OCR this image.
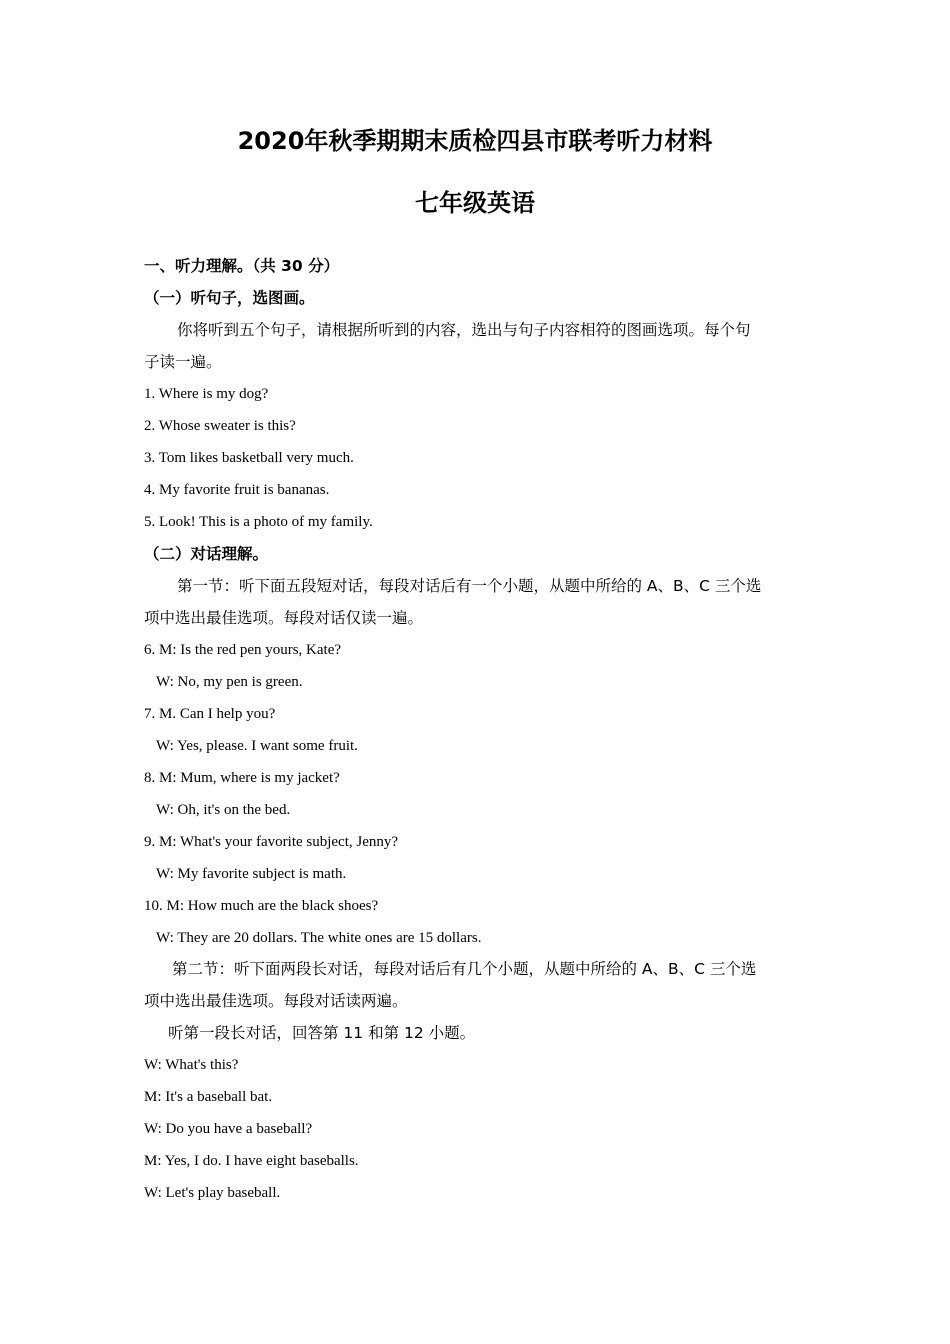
2020年秋季期期末质检四县市联考听力材料
七年级英语
一、听力理解。（共 30 分）
（一）听句子，选图画。
你将听到五个句子，请根据所听到的内容，选出与句子内容相符的图画选项。每个句
子读一遍。
1. Where is my dog?
2. Whose sweater is this?
3. Tom likes basketball very much.
4. My favorite fruit is bananas.
5. Look! This is a photo of my family.
（二）对话理解。
第一节：听下面五段短对话，每段对话后有一个小题，从题中所给的 A、B、C 三个选
项中选出最佳选项。每段对话仅读一遍。
6. M: Is the red pen yours, Kate?
W: No, my pen is green.
7. M. Can I help you?
W: Yes, please. I want some fruit.
8. M: Mum, where is my jacket?
W: Oh, it's on the bed.
9. M: What's your favorite subject, Jenny?
W: My favorite subject is math.
10. M: How much are the black shoes?
W: They are 20 dollars. The white ones are 15 dollars.
第二节：听下面两段长对话，每段对话后有几个小题，从题中所给的 A、B、C 三个选
项中选出最佳选项。每段对话读两遍。
听第一段长对话，回答第 11 和第 12 小题。
W: What's this?
M: It's a baseball bat.
W: Do you have a baseball?
M: Yes, I do. I have eight baseballs.
W: Let's play baseball.
